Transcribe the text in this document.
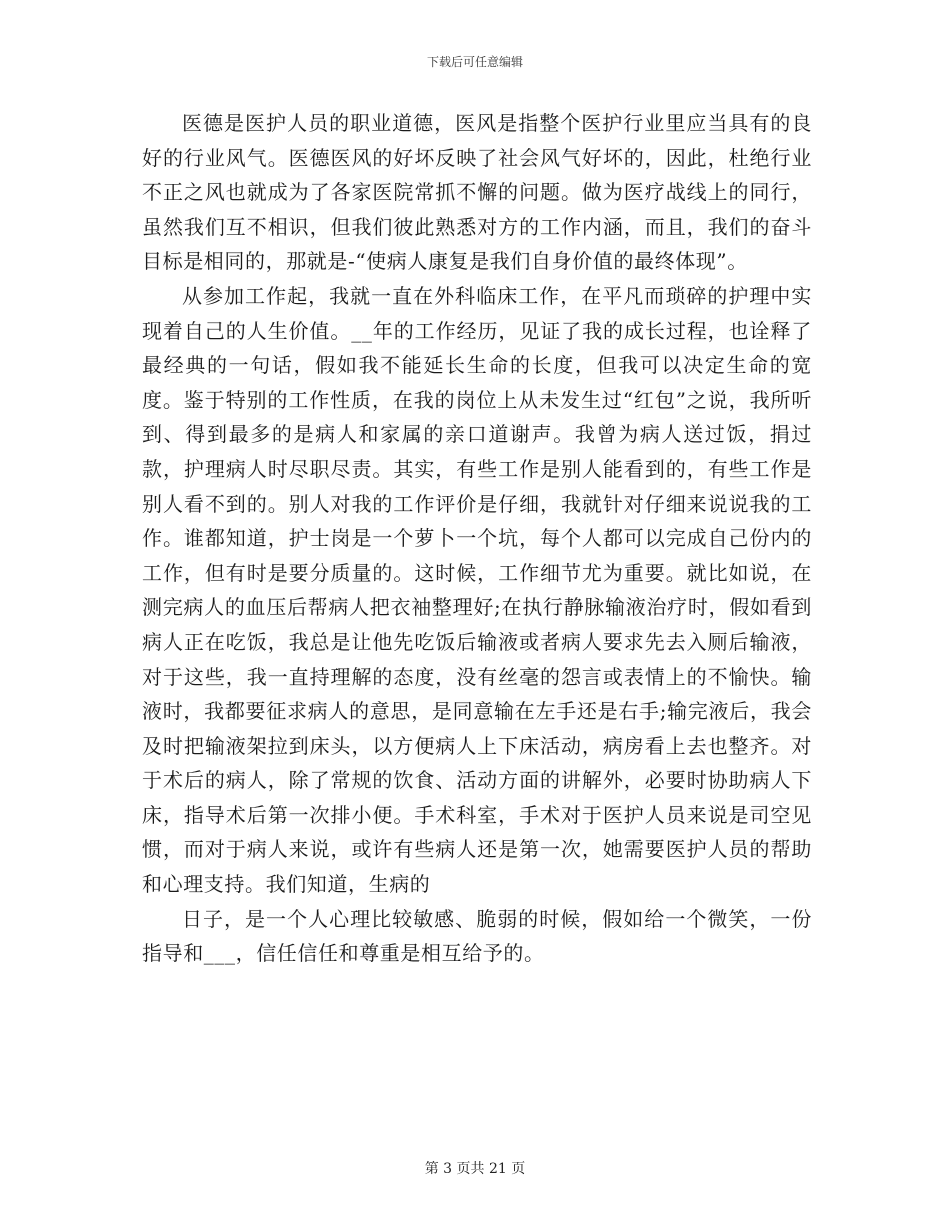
下载后可任意编辑

医德是医护人员的职业道德，医风是指整个医护行业里应当具有的良好的行业风气。医德医风的好坏反映了社会风气好坏的，因此，杜绝行业不正之风也就成为了各家医院常抓不懈的问题。做为医疗战线上的同行，虽然我们互不相识，但我们彼此熟悉对方的工作内涵，而且，我们的奋斗目标是相同的，那就是-“使病人康复是我们自身价值的最终体现”。

从参加工作起，我就一直在外科临床工作，在平凡而琐碎的护理中实现着自己的人生价值。__年的工作经历，见证了我的成长过程，也诠释了最经典的一句话，假如我不能延长生命的长度，但我可以决定生命的宽度。鉴于特别的工作性质，在我的岗位上从未发生过“红包”之说，我所听到、得到最多的是病人和家属的亲口道谢声。我曾为病人送过饭，捐过款，护理病人时尽职尽责。其实，有些工作是别人能看到的，有些工作是别人看不到的。别人对我的工作评价是仔细，我就针对仔细来说说我的工作。谁都知道，护士岗是一个萝卜一个坑，每个人都可以完成自己份内的工作，但有时是要分质量的。这时候，工作细节尤为重要。就比如说，在测完病人的血压后帮病人把衣袖整理好;在执行静脉输液治疗时，假如看到病人正在吃饭，我总是让他先吃饭后输液或者病人要求先去入厕后输液，对于这些，我一直持理解的态度，没有丝毫的怨言或表情上的不愉快。输液时，我都要征求病人的意思，是同意输在左手还是右手;输完液后，我会及时把输液架拉到床头，以方便病人上下床活动，病房看上去也整齐。对于术后的病人，除了常规的饮食、活动方面的讲解外，必要时协助病人下床，指导术后第一次排小便。手术科室，手术对于医护人员来说是司空见惯，而对于病人来说，或许有些病人还是第一次，她需要医护人员的帮助和心理支持。我们知道，生病的

日子，是一个人心理比较敏感、脆弱的时候，假如给一个微笑，一份指导和___，信任信任和尊重是相互给予的。

第 3 页共 21 页
